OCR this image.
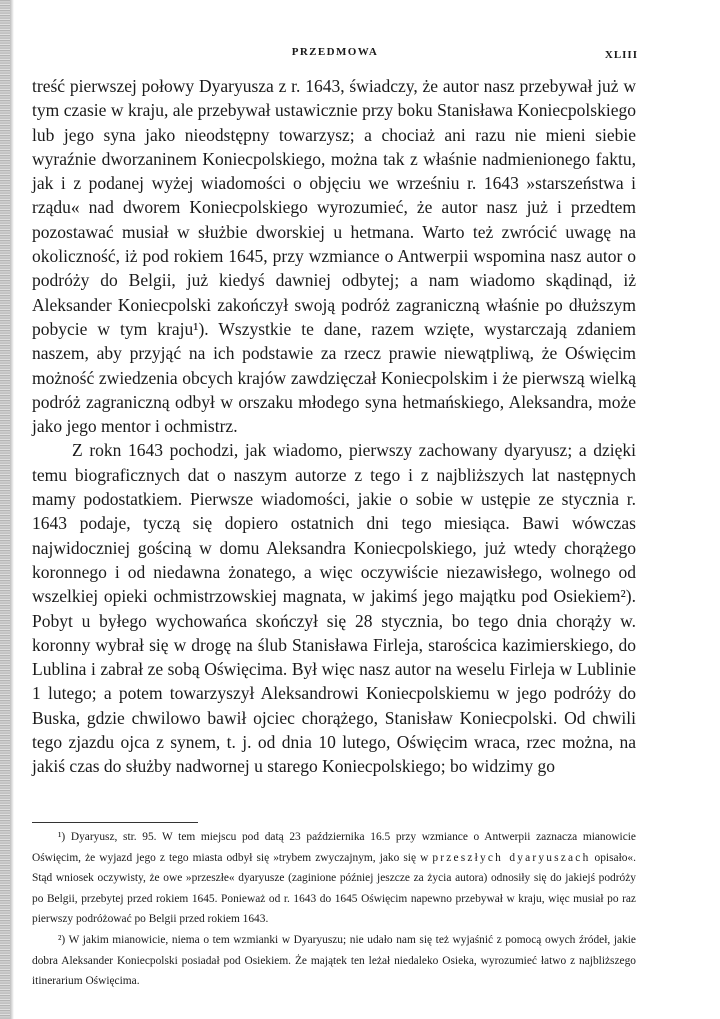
PRZEDMOWA	XLIII

treść pierwszej połowy Dyaryusza z r. 1643, świadczy, że autor nasz przebywał już w tym czasie w kraju, ale przebywał ustawicznie przy boku Stanisława Koniecpolskiego lub jego syna jako nieodstępny towarzysz; a chociaż ani razu nie mieni siebie wyraźnie dworzaninem Koniecpolskiego, można tak z właśnie nadmienionego faktu, jak i z podanej wyżej wiadomości o objęciu we wrześniu r. 1643 »starszeństwa i rządu« nad dworem Koniecpolskiego wyrozumieć, że autor nasz już i przedtem pozostawać musiał w służbie dworskiej u hetmana. Warto też zwrócić uwagę na okoliczność, iż pod rokiem 1645, przy wzmiance o Antwerpii wspomina nasz autor o podróży do Belgii, już kiedyś dawniej odbytej; a nam wiadomo skądinąd, iż Aleksander Koniecpolski zakończył swoją podróż zagraniczną właśnie po dłuższym pobycie w tym kraju¹). Wszystkie te dane, razem wzięte, wystarczają zdaniem naszem, aby przyjąć na ich podstawie za rzecz prawie niewątpliwą, że Oświęcim możność zwiedzenia obcych krajów zawdzięczał Koniecpolskim i że pierwszą wielką podróż zagraniczną odbył w orszaku młodego syna hetmańskiego, Aleksandra, może jako jego mentor i ochmistrz.

Z rokn 1643 pochodzi, jak wiadomo, pierwszy zachowany dyaryusz; a dzięki temu biograficznych dat o naszym autorze z tego i z najbliższych lat następnych mamy podostatkiem. Pierwsze wiadomości, jakie o sobie w ustępie ze stycznia r. 1643 podaje, tyczą się dopiero ostatnich dni tego miesiąca. Bawi wówczas najwidoczniej gościną w domu Aleksandra Koniecpolskiego, już wtedy chorążego koronnego i od niedawna żonatego, a więc oczywiście niezawisłego, wolnego od wszelkiej opieki ochmistrzowskiej magnata, w jakimś jego majątku pod Osiekiem²). Pobyt u byłego wychowańca skończył się 28 stycznia, bo tego dnia chorąży w. koronny wybrał się w drogę na ślub Stanisława Firleja, starościca kazimierskiego, do Lublina i zabrał ze sobą Oświęcima. Był więc nasz autor na weselu Firleja w Lublinie 1 lutego; a potem towarzyszył Aleksandrowi Koniecpolskiemu w jego podróży do Buska, gdzie chwilowo bawił ojciec chorążego, Stanisław Koniecpolski. Od chwili tego zjazdu ojca z synem, t. j. od dnia 10 lutego, Oświęcim wraca, rzec można, na jakiś czas do służby nadwornej u starego Koniecpolskiego; bo widzimy go

¹) Dyaryusz, str. 95. W tem miejscu pod datą 23 października 16.5 przy wzmiance o Antwerpii zaznacza mianowicie Oświęcim, że wyjazd jego z tego miasta odbył się »trybem zwyczajnym, jako się w przeszłych dyaryuszach opisało«. Stąd wniosek oczywisty, że owe »przeszłe« dyaryusze (zaginione później jeszcze za życia autora) odnosiły się do jakiejś podróży po Belgii, przebytej przed rokiem 1645. Ponieważ od r. 1643 do 1645 Oświęcim napewno przebywał w kraju, więc musiał po raz pierwszy podróżować po Belgii przed rokiem 1643.

²) W jakim mianowicie, niema o tem wzmianki w Dyaryuszu; nie udało nam się też wyjaśnić z pomocą owych źródeł, jakie dobra Aleksander Koniecpolski posiadał pod Osiekiem. Że majątek ten leżał niedaleko Osieka, wyrozumieć łatwo z najbliższego itinerarium Oświęcima.
